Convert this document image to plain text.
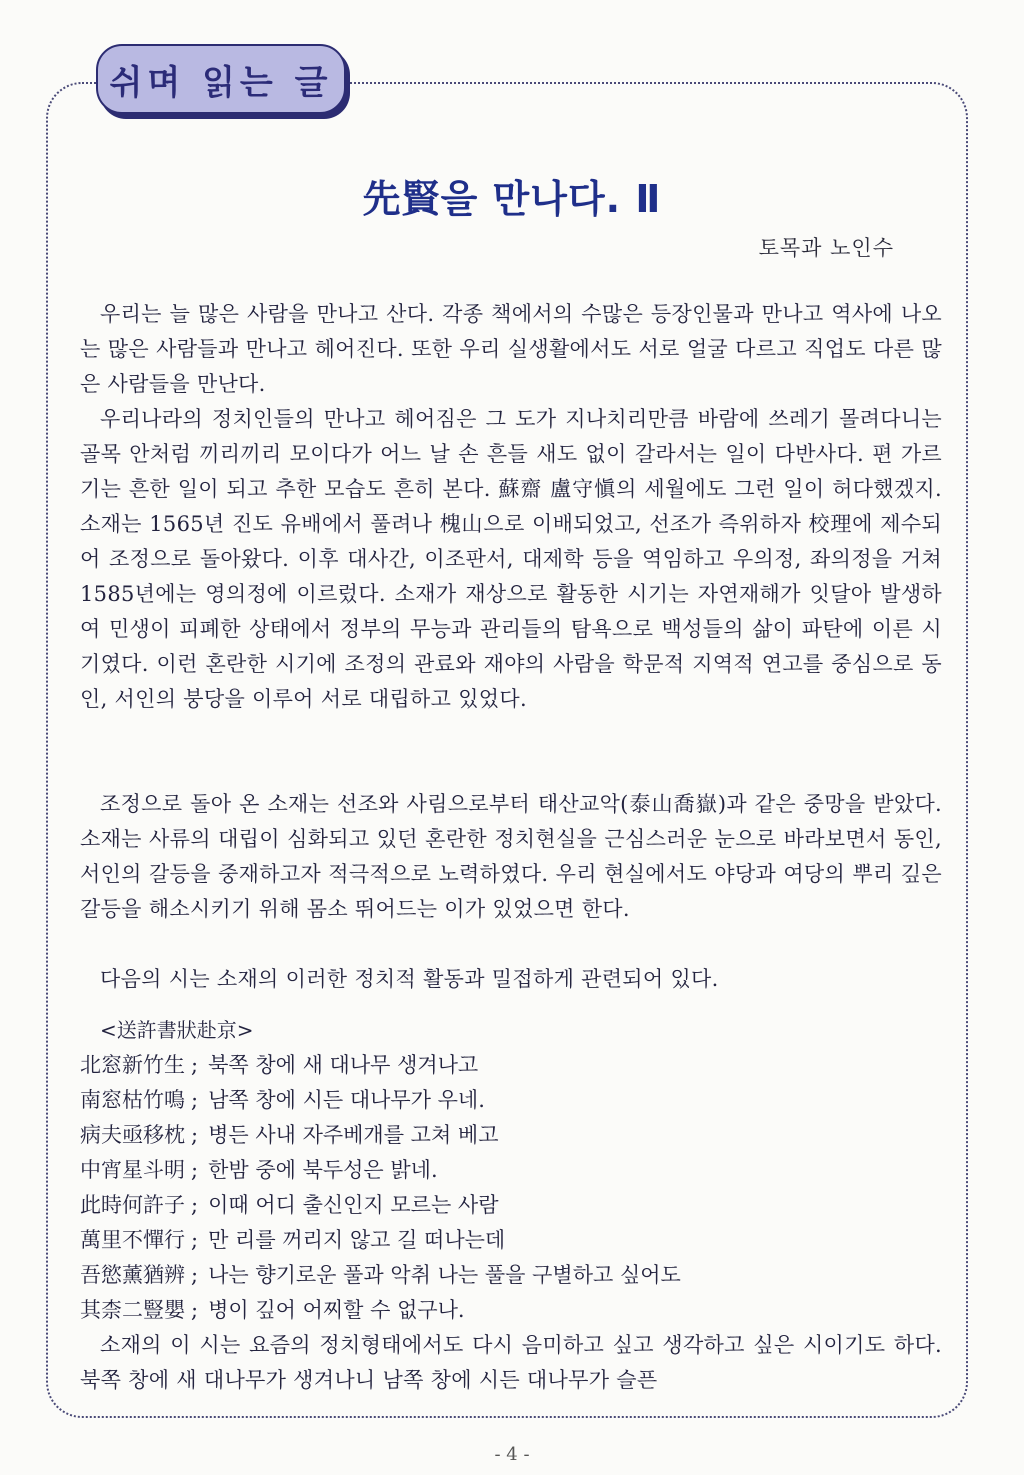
쉬며 읽는 글
先賢을 만나다. Ⅱ
토목과 노인수

우리는 늘 많은 사람을 만나고 산다. 각종 책에서의 수많은 등장인물과 만나고 역사에 나오는 많은 사람들과 만나고 헤어진다. 또한 우리 실생활에서도 서로 얼굴 다르고 직업도 다른 많은 사람들을 만난다.

우리나라의 정치인들의 만나고 헤어짐은 그 도가 지나치리만큼 바람에 쓰레기 몰려다니는 골목 안처럼 끼리끼리 모이다가 어느 날 손 흔들 새도 없이 갈라서는 일이 다반사다. 편 가르기는 흔한 일이 되고 추한 모습도 흔히 본다. 蘇齋 盧守愼의 세월에도 그런 일이 허다했겠지. 소재는 1565년 진도 유배에서 풀려나 槐山으로 이배되었고, 선조가 즉위하자 校理에 제수되어 조정으로 돌아왔다. 이후 대사간, 이조판서, 대제학 등을 역임하고 우의정, 좌의정을 거쳐 1585년에는 영의정에 이르렀다. 소재가 재상으로 활동한 시기는 자연재해가 잇달아 발생하여 민생이 피폐한 상태에서 정부의 무능과 관리들의 탐욕으로 백성들의 삶이 파탄에 이른 시기였다. 이런 혼란한 시기에 조정의 관료와 재야의 사람을 학문적 지역적 연고를 중심으로 동인, 서인의 붕당을 이루어 서로 대립하고 있었다.

조정으로 돌아 온 소재는 선조와 사림으로부터 태산교악(泰山喬嶽)과 같은 중망을 받았다. 소재는 사류의 대립이 심화되고 있던 혼란한 정치현실을 근심스러운 눈으로 바라보면서 동인, 서인의 갈등을 중재하고자 적극적으로 노력하였다. 우리 현실에서도 야당과 여당의 뿌리 깊은 갈등을 해소시키기 위해 몸소 뛰어드는 이가 있었으면 한다.

다음의 시는 소재의 이러한 정치적 활동과 밀접하게 관련되어 있다.

<送許書狀赴京>
北窓新竹生 ; 북쪽 창에 새 대나무 생겨나고
南窓枯竹鳴 ; 남쪽 창에 시든 대나무가 우네.
病夫亟移枕 ; 병든 사내 자주베개를 고쳐 베고
中宵星斗明 ; 한밤 중에 북두성은 밝네.
此時何許子 ; 이때 어디 출신인지 모르는 사람
萬里不憚行 ; 만 리를 꺼리지 않고 길 떠나는데
吾慾薰猶辨 ; 나는 향기로운 풀과 악취 나는 풀을 구별하고 싶어도
其柰二豎嬰 ; 병이 깊어 어찌할 수 없구나.

소재의 이 시는 요즘의 정치형태에서도 다시 음미하고 싶고 생각하고 싶은 시이기도 하다. 북쪽 창에 새 대나무가 생겨나니 남쪽 창에 시든 대나무가 슬픈

- 4 -
